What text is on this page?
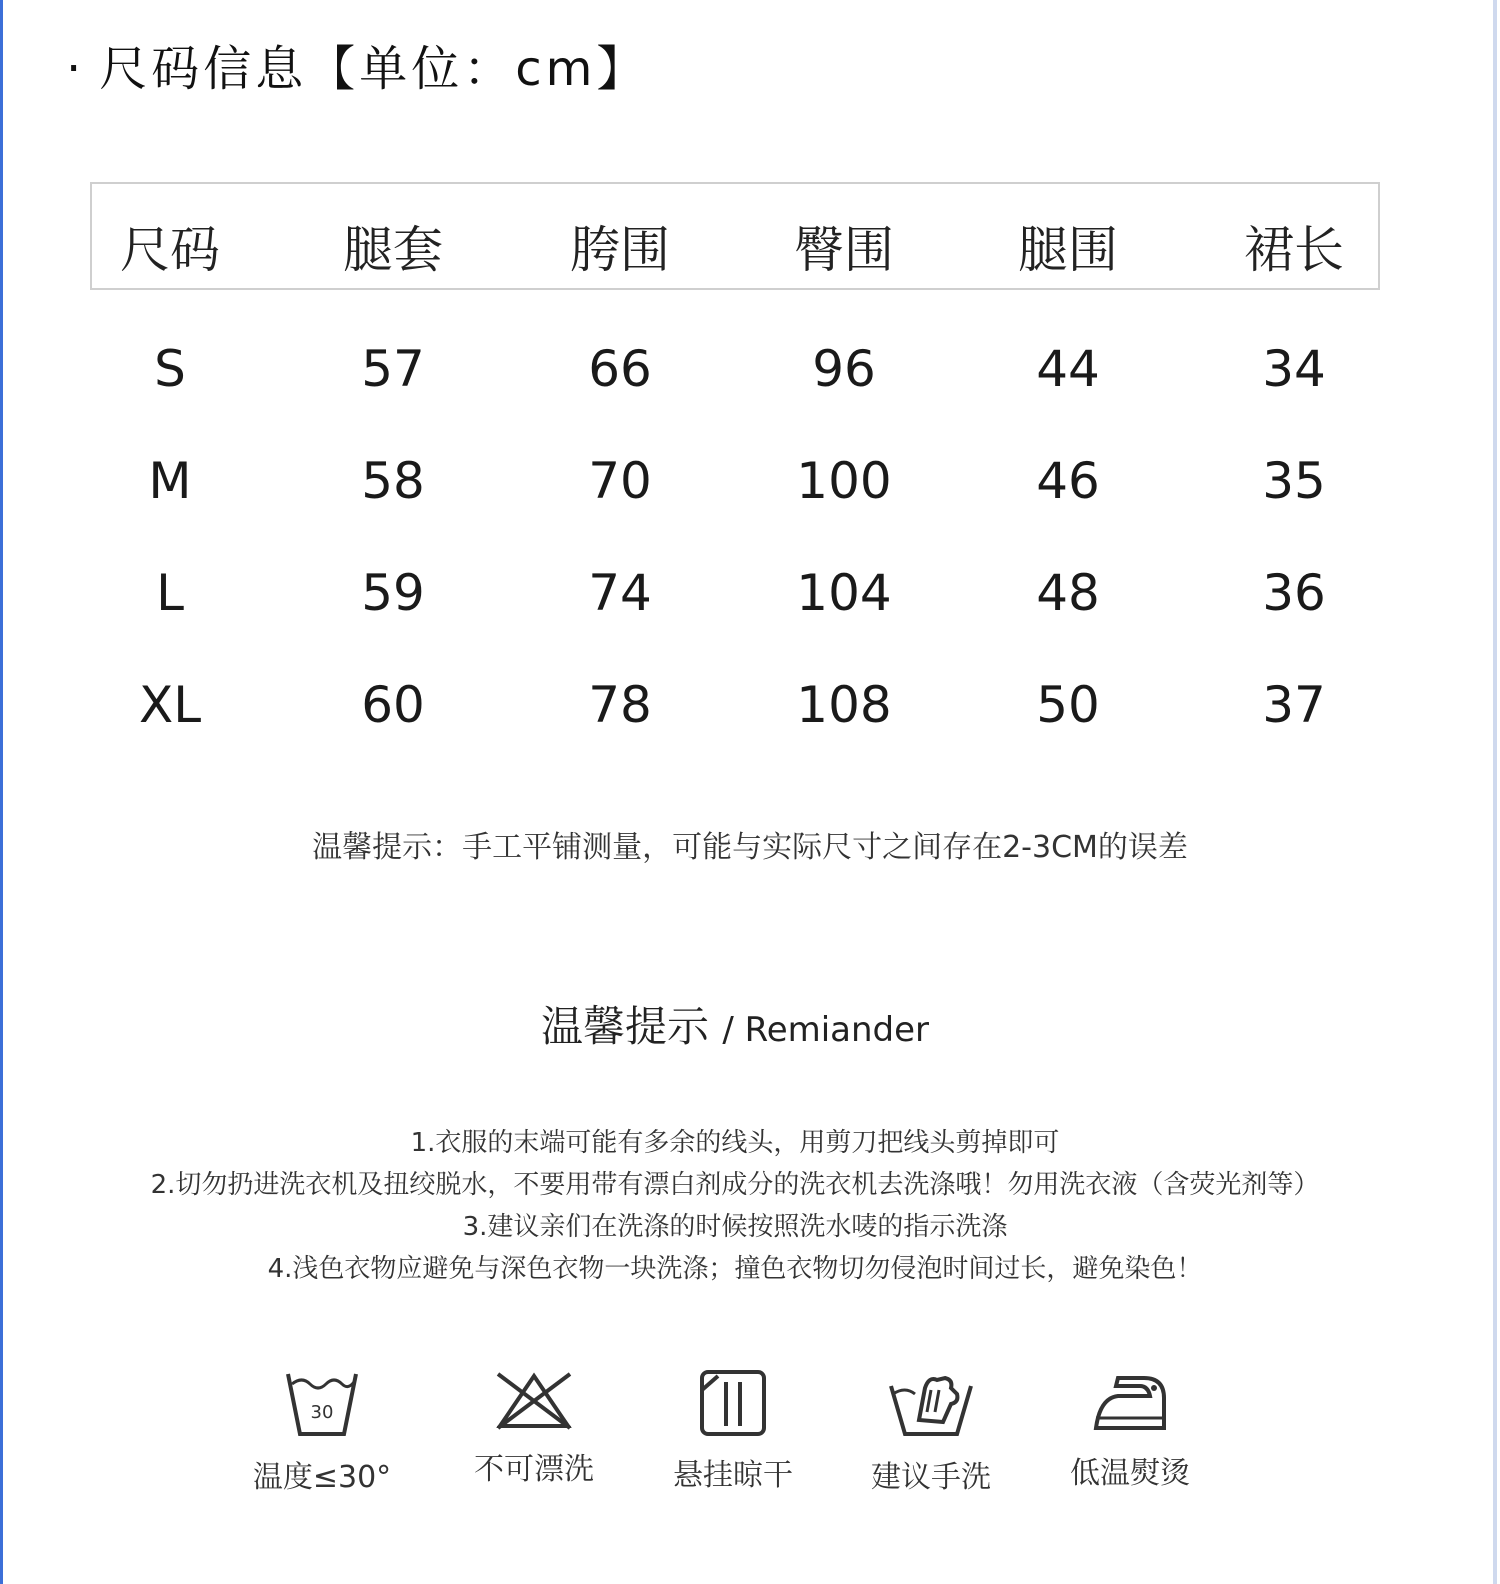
· 尺码信息【单位：cm】
尺码	腿套	胯围	臀围	腿围	裙长
S	57	66	96	44	34
M	58	70	100	46	35
L	59	74	104	48	36
XL	60	78	108	50	37
温馨提示：手工平铺测量，可能与实际尺寸之间存在2-3CM的误差
温馨提示 / Remiander
1.衣服的末端可能有多余的线头，用剪刀把线头剪掉即可
2.切勿扔进洗衣机及扭绞脱水，不要用带有漂白剂成分的洗衣机去洗涤哦！勿用洗衣液（含荧光剂等）
3.建议亲们在洗涤的时候按照洗水唛的指示洗涤
4.浅色衣物应避免与深色衣物一块洗涤；撞色衣物切勿侵泡时间过长，避免染色！
30
温度≤30°	不可漂洗	悬挂晾干	建议手洗	低温熨烫
